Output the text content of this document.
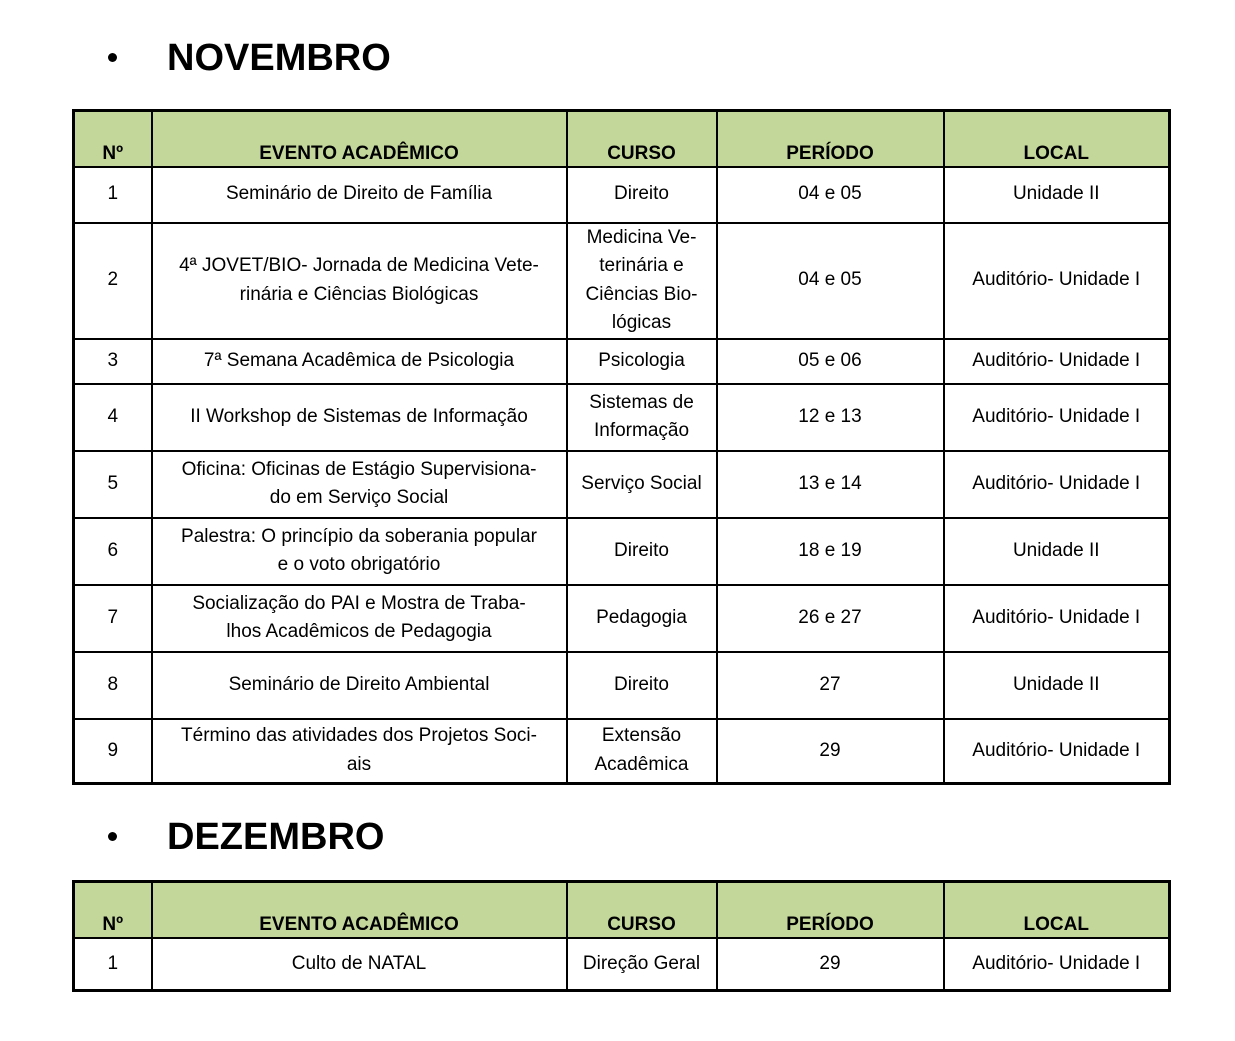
NOVEMBRO
Nº	EVENTO ACADÊMICO	CURSO	PERÍODO	LOCAL
1	Seminário de Direito de Família	Direito	04 e 05	Unidade II
2	4ª JOVET/BIO- Jornada de Medicina Vete-
rinária e Ciências Biológicas	Medicina Ve-
terinária e
Ciências Bio-
lógicas	04 e 05	Auditório- Unidade I
3	7ª Semana Acadêmica de Psicologia	Psicologia	05 e 06	Auditório- Unidade I
4	II Workshop de Sistemas de Informação	Sistemas de
Informação	12 e 13	Auditório- Unidade I
5	Oficina: Oficinas de Estágio Supervisiona-
do em Serviço Social	Serviço Social	13 e 14	Auditório- Unidade I
6	Palestra: O princípio da soberania popular
e o voto obrigatório	Direito	18 e 19	Unidade II
7	Socialização do PAI e Mostra de Traba-
lhos Acadêmicos de Pedagogia	Pedagogia	26 e 27	Auditório- Unidade I
8	Seminário de Direito Ambiental	Direito	27	Unidade II
9	Término das atividades dos Projetos Soci-
ais	Extensão
Acadêmica	29	Auditório- Unidade I
DEZEMBRO
Nº	EVENTO ACADÊMICO	CURSO	PERÍODO	LOCAL
1	Culto de NATAL	Direção Geral	29	Auditório- Unidade I
